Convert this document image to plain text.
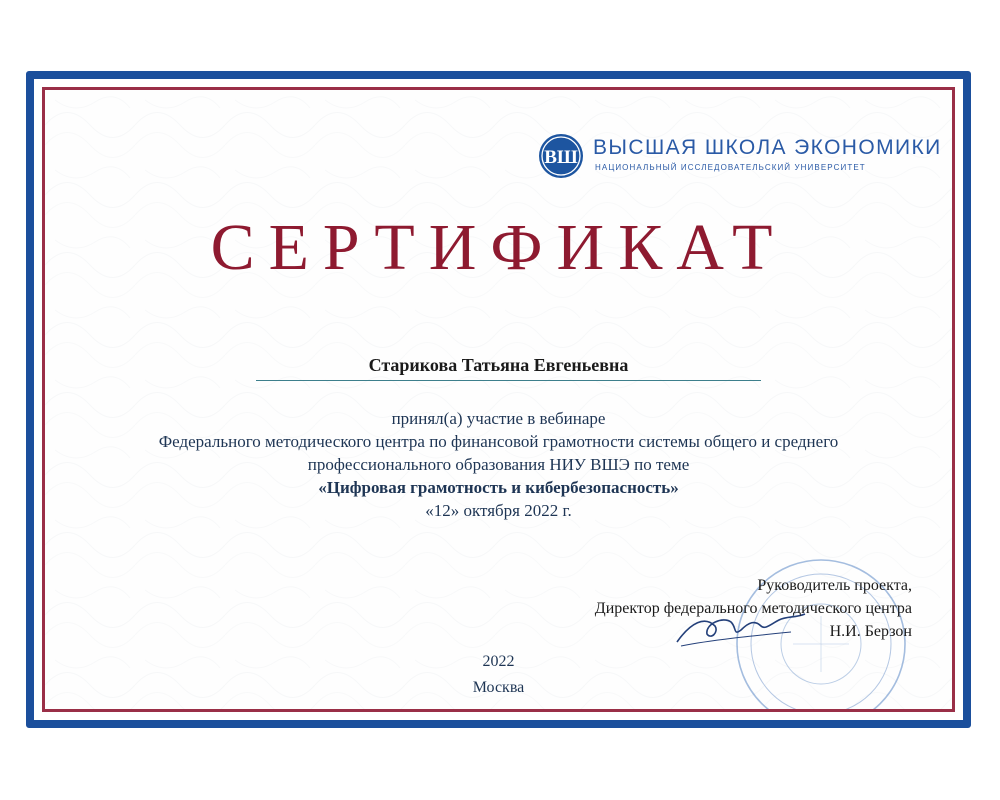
ВШ ВЫСШАЯ ШКОЛА ЭКОНОМИКИ
НАЦИОНАЛЬНЫЙ ИССЛЕДОВАТЕЛЬСКИЙ УНИВЕРСИТЕТ
СЕРТИФИКАТ
Старикова Татьяна Евгеньевна
принял(а) участие в вебинаре
Федерального методического центра по финансовой грамотности системы общего и среднего
профессионального образования НИУ ВШЭ по теме
«Цифровая грамотность и кибербезопасность»
«12» октября 2022 г.
Руководитель проекта,
Директор федерального методического центра
Н.И. Берзон
2022
Москва
